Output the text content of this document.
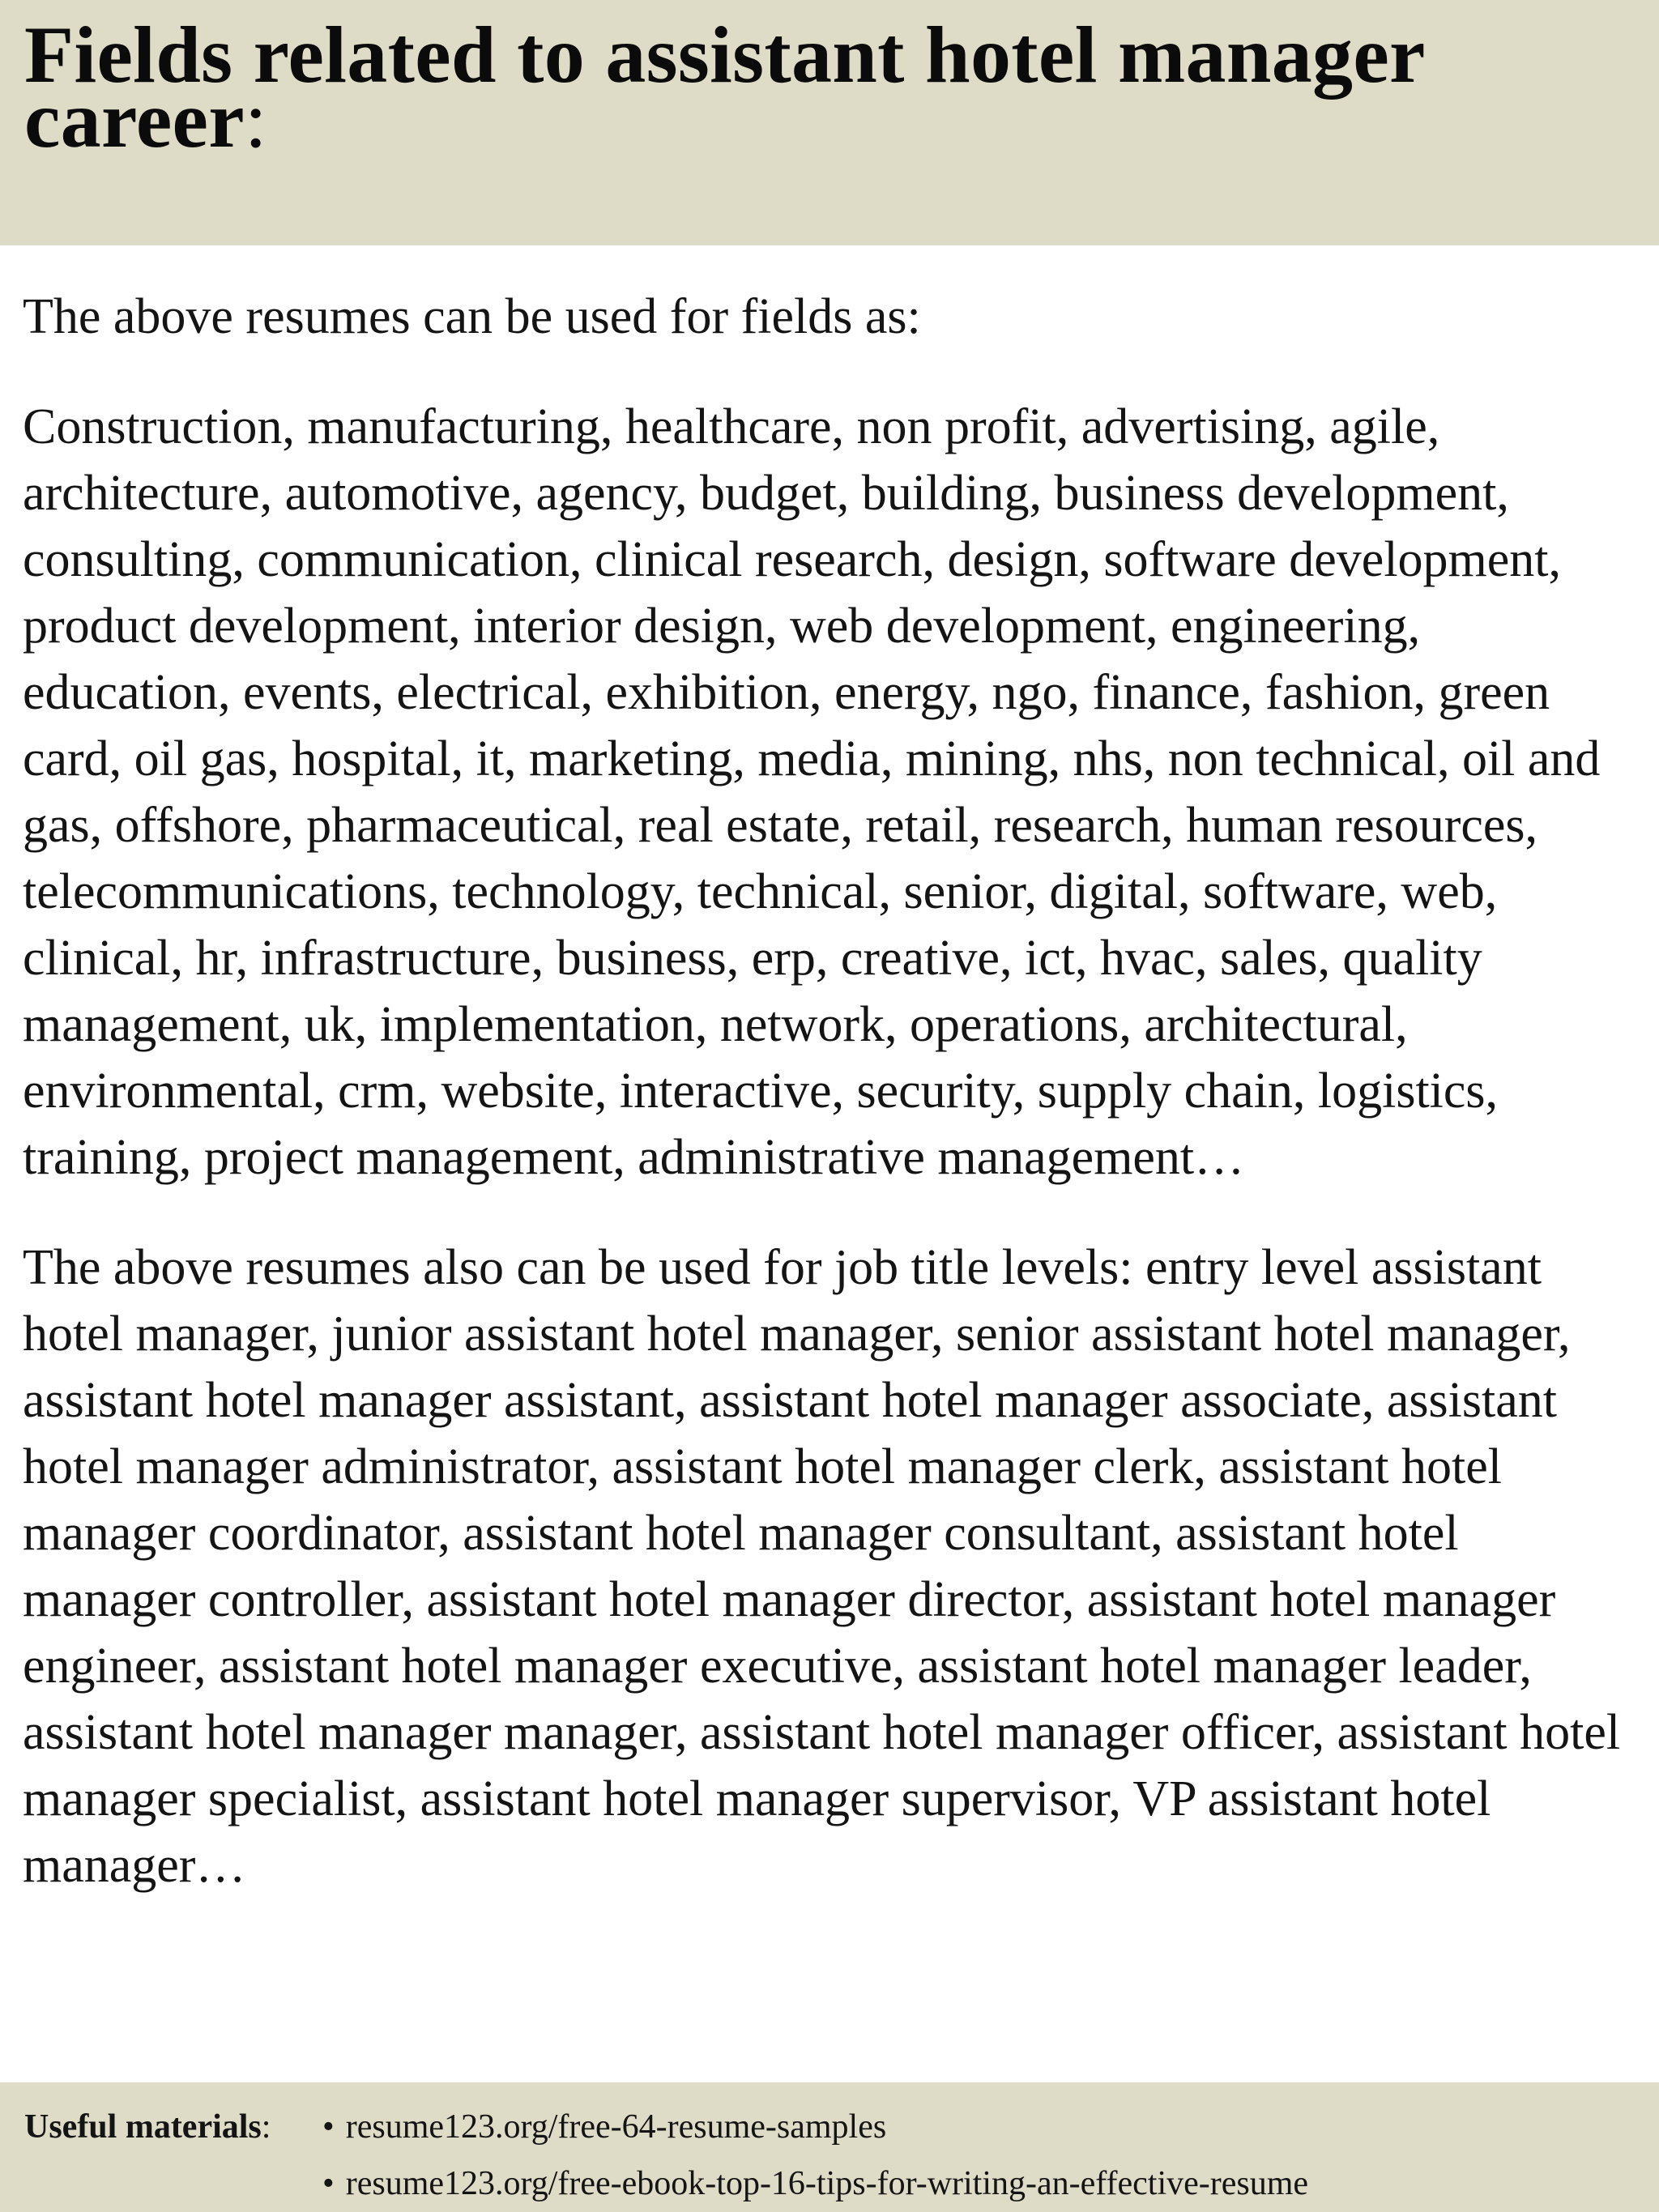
Fields related to assistant hotel manager career:

The above resumes can be used for fields as:

Construction, manufacturing, healthcare, non profit, advertising, agile, architecture, automotive, agency, budget, building, business development, consulting, communication, clinical research, design, software development, product development, interior design, web development, engineering, education, events, electrical, exhibition, energy, ngo, finance, fashion, green card, oil gas, hospital, it, marketing, media, mining, nhs, non technical, oil and gas, offshore, pharmaceutical, real estate, retail, research, human resources, telecommunications, technology, technical, senior, digital, software, web, clinical, hr, infrastructure, business, erp, creative, ict, hvac, sales, quality management, uk, implementation, network, operations, architectural, environmental, crm, website, interactive, security, supply chain, logistics, training, project management, administrative management…

The above resumes also can be used for job title levels: entry level assistant hotel manager, junior assistant hotel manager, senior assistant hotel manager, assistant hotel manager assistant, assistant hotel manager associate, assistant hotel manager administrator, assistant hotel manager clerk, assistant hotel manager coordinator, assistant hotel manager consultant, assistant hotel manager controller, assistant hotel manager director, assistant hotel manager engineer, assistant hotel manager executive, assistant hotel manager leader, assistant hotel manager manager, assistant hotel manager officer, assistant hotel manager specialist, assistant hotel manager supervisor, VP assistant hotel manager…

Useful materials: • resume123.org/free-64-resume-samples
• resume123.org/free-ebook-top-16-tips-for-writing-an-effective-resume
